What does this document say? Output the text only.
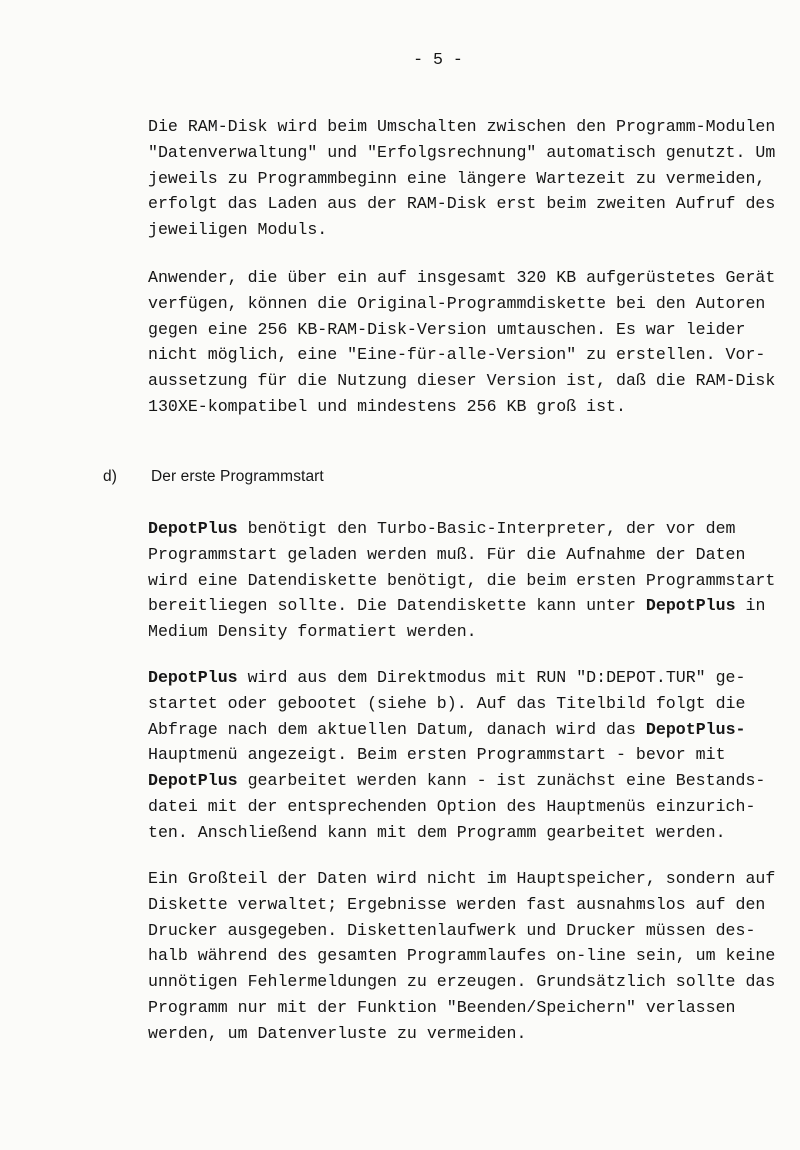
- 5 -

Die RAM-Disk wird beim Umschalten zwischen den Programm-Modulen
"Datenverwaltung" und "Erfolgsrechnung" automatisch genutzt. Um
jeweils zu Programmbeginn eine längere Wartezeit zu vermeiden,
erfolgt das Laden aus der RAM-Disk erst beim zweiten Aufruf des
jeweiligen Moduls.

Anwender, die über ein auf insgesamt 320 KB aufgerüstetes Gerät
verfügen, können die Original-Programmdiskette bei den Autoren
gegen eine 256 KB-RAM-Disk-Version umtauschen. Es war leider
nicht möglich, eine "Eine-für-alle-Version" zu erstellen. Vor-
aussetzung für die Nutzung dieser Version ist, daß die RAM-Disk
130XE-kompatibel und mindestens 256 KB groß ist.

d) Der erste Programmstart

DepotPlus benötigt den Turbo-Basic-Interpreter, der vor dem
Programmstart geladen werden muß. Für die Aufnahme der Daten
wird eine Datendiskette benötigt, die beim ersten Programmstart
bereitliegen sollte. Die Datendiskette kann unter DepotPlus in
Medium Density formatiert werden.

DepotPlus wird aus dem Direktmodus mit RUN "D:DEPOT.TUR" ge-
startet oder gebootet (siehe b). Auf das Titelbild folgt die
Abfrage nach dem aktuellen Datum, danach wird das DepotPlus-
Hauptmenü angezeigt. Beim ersten Programmstart - bevor mit
DepotPlus gearbeitet werden kann - ist zunächst eine Bestands-
datei mit der entsprechenden Option des Hauptmenüs einzurich-
ten. Anschließend kann mit dem Programm gearbeitet werden.

Ein Großteil der Daten wird nicht im Hauptspeicher, sondern auf
Diskette verwaltet; Ergebnisse werden fast ausnahmslos auf den
Drucker ausgegeben. Diskettenlaufwerk und Drucker müssen des-
halb während des gesamten Programmlaufes on-line sein, um keine
unnötigen Fehlermeldungen zu erzeugen. Grundsätzlich sollte das
Programm nur mit der Funktion "Beenden/Speichern" verlassen
werden, um Datenverluste zu vermeiden.
